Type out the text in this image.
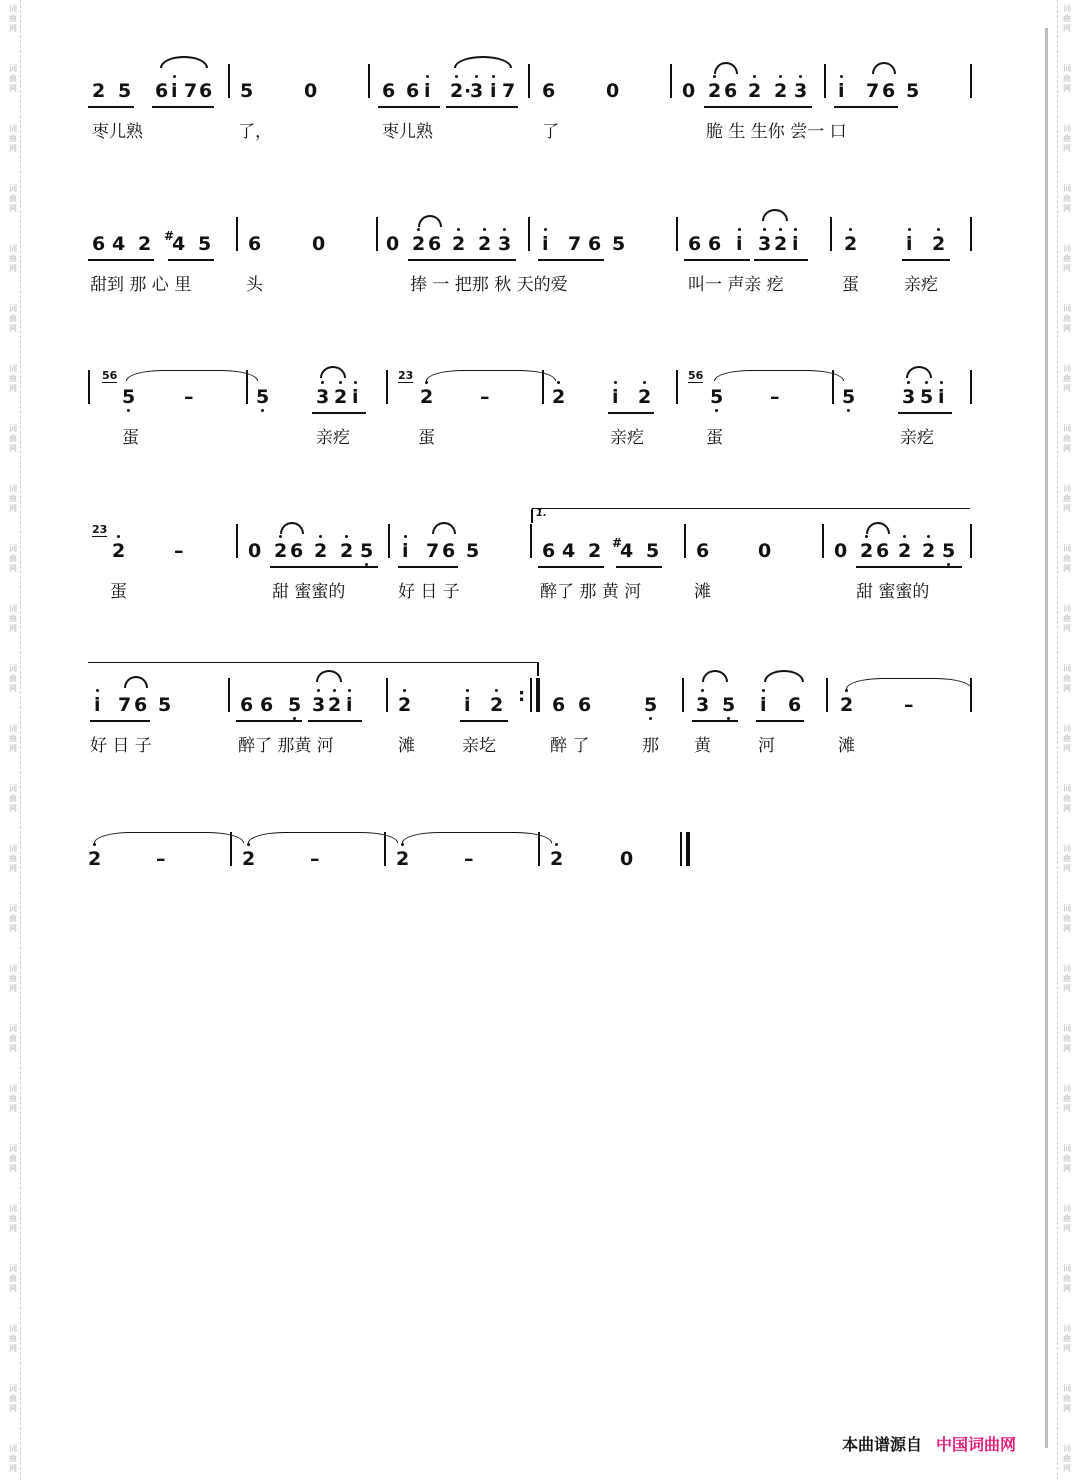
词
曲
网
词
曲
网
词
曲
网
词
曲
网
词
曲
网
词
曲
网
词
曲
网
词
曲
网
词
曲
网
词
曲
网
词
曲
网
词
曲
网
词
曲
网
词
曲
网
词
曲
网
词
曲
网
词
曲
网
词
曲
网
词
曲
网
词
曲
网
词
曲
网
词
曲
网
词
曲
网
词
曲
网
词
曲
网
词
曲
网
词
曲
网
词
曲
网
词
曲
网
词
曲
网
词
曲
网
词
曲
网
词
曲
网
词
曲
网
词
曲
网
词
曲
网
词
曲
网
词
曲
网
词
曲
网
词
曲
网
词
曲
网
词
曲
网
词
曲
网
词
曲
网
词
曲
网
词
曲
网
词
曲
网
词
曲
网
词
曲
网
词
曲
网
2 5 6 i 7 6 5	0	6 6 i 2 ·
3 i 7 6	0	0 2 6 2 2 3 i 7 6 5
枣儿熟	了，	枣儿熟	了	脆 生 生你 尝一 口
6 4 2 #
4 5 6	0	0 2 6 2 2 3 i 7 6 5	6 6 i 3 2 i 2	i 2
甜到 那 心 里	头	捧 一 把那 秋 天的爱	叫一 声亲 疙	蛋	亲疙
56
5	–	5 3 2 i
23
2 –	2 i 2
56
5 –	5 3 5 i
蛋	亲疙	蛋	亲疙	蛋	亲疙
23
2	–	0 2 6 2 2 5 i 7 6 5
1.
6 4 2 #
4 5 6	0	0 2 6 2 2 5
蛋	甜 蜜蜜的	好 日 子	醉了 那 黄 河	滩	甜 蜜蜜的
i 7 6 5	6 6 5 3 2 i 2	i 2 : 6 6	5 3 5 i 6 2	–
好 日 子	醉了 那黄 河	滩	亲圪	醉 了	那 黄	河	滩
2	–	2	–	2	–	2	0
本曲谱源自 中国词曲网
